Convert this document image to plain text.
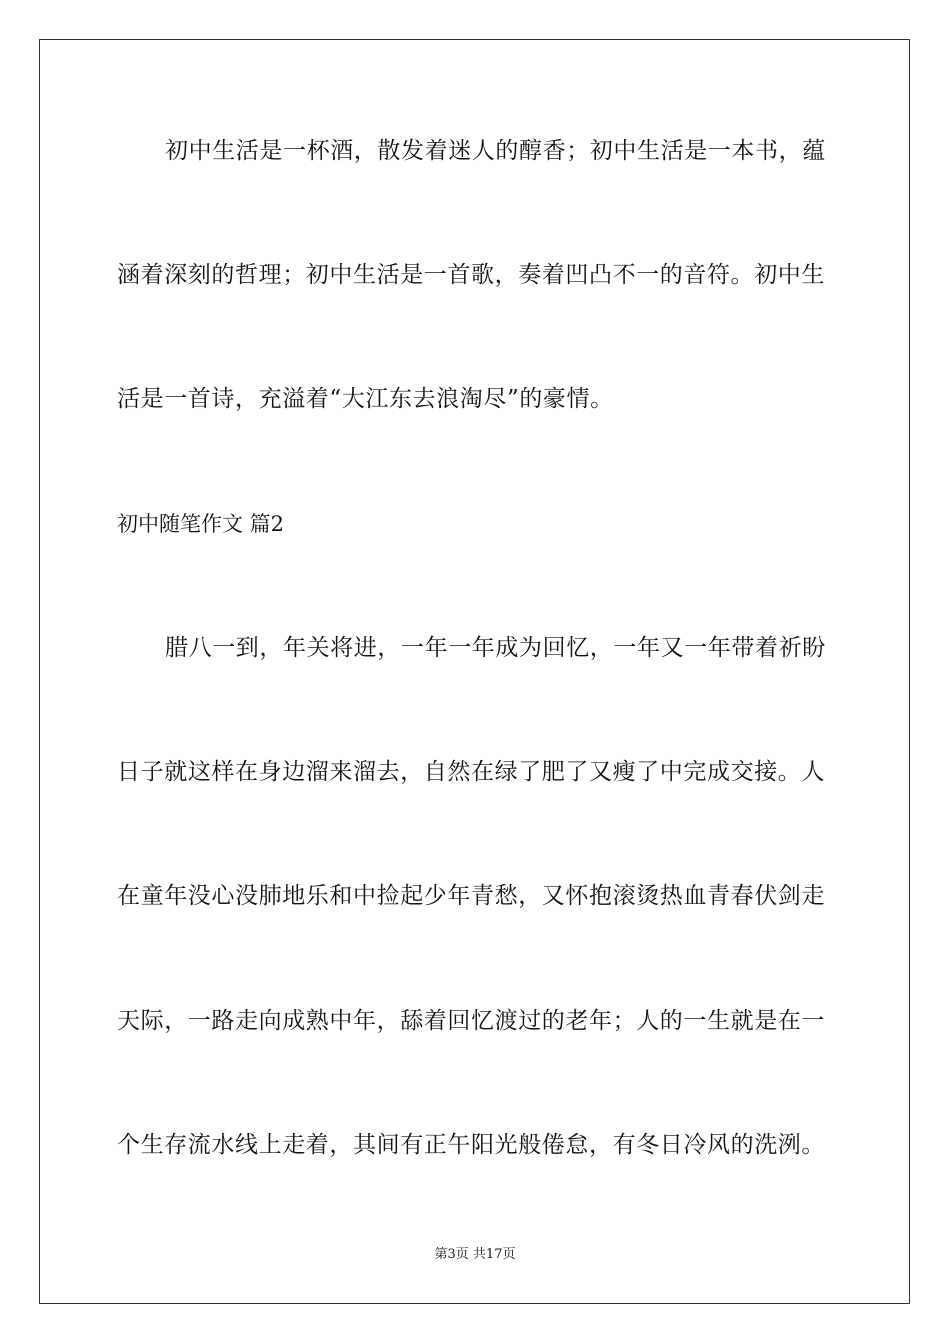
初中生活是一杯酒，散发着迷人的醇香；初中生活是一本书，蕴
涵着深刻的哲理；初中生活是一首歌，奏着凹凸不一的音符。初中生
活是一首诗，充溢着“大江东去浪淘尽”的豪情。
初中随笔作文 篇2
腊八一到，年关将进，一年一年成为回忆，一年又一年带着祈盼
日子就这样在身边溜来溜去，自然在绿了肥了又瘦了中完成交接。人
在童年没心没肺地乐和中捡起少年青愁，又怀抱滚烫热血青春伏剑走
天际，一路走向成熟中年，舔着回忆渡过的老年；人的一生就是在一
个生存流水线上走着，其间有正午阳光般倦怠，有冬日冷风的洗洌。
第3页 共17页
